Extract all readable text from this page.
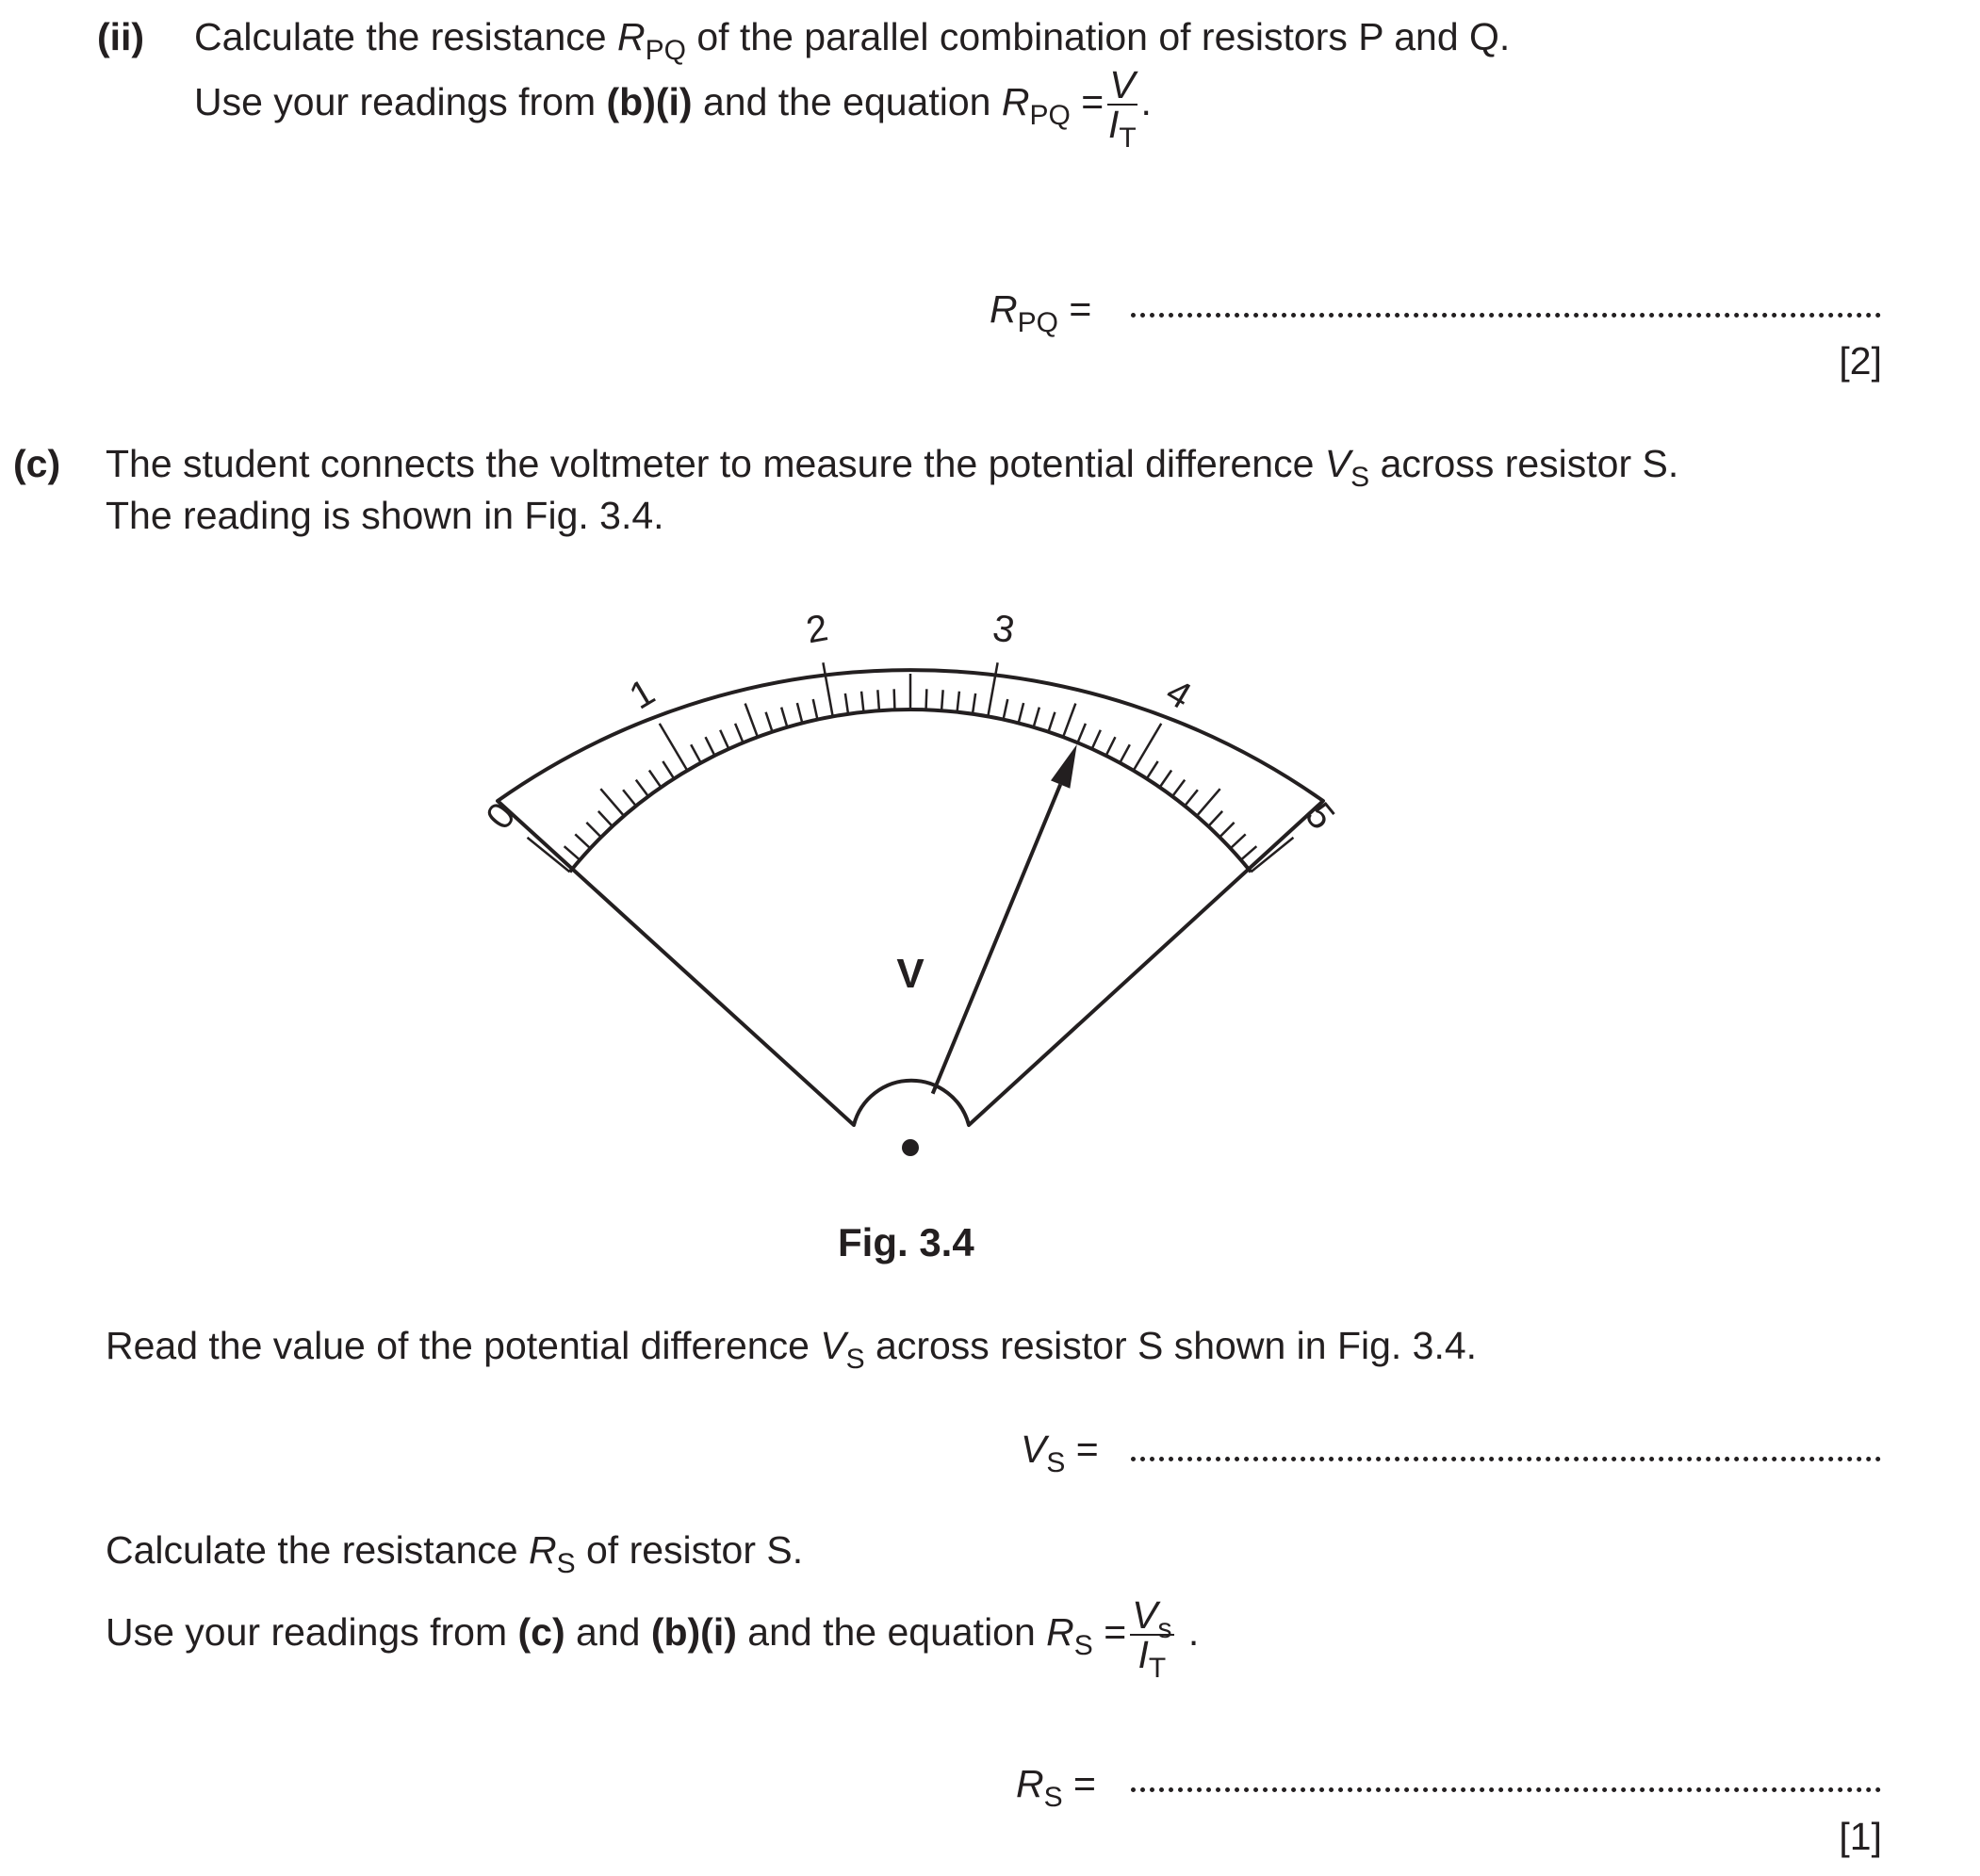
(ii) Calculate the resistance $R_{PQ}$ of the parallel combination of resistors P and Q.
Use your readings from (b)(i) and the equation $R_{PQ} = \frac{V}{I_T}$ .
$R_{PQ}$ =
[2]
(c) The student connects the voltmeter to measure the potential difference $V_S$ across resistor S.
The reading is shown in Fig. 3.4.
0
1
2	3
4
5
V
Fig. 3.4
Read the value of the potential difference $V_S$ across resistor S shown in Fig. 3.4.
$V_S$ =
Calculate the resistance $R_S$ of resistor S.
Use your readings from (c) and (b)(i) and the equation $R_S = \frac{V_s}{I_T}$ .
$R_S$ =
[1]
